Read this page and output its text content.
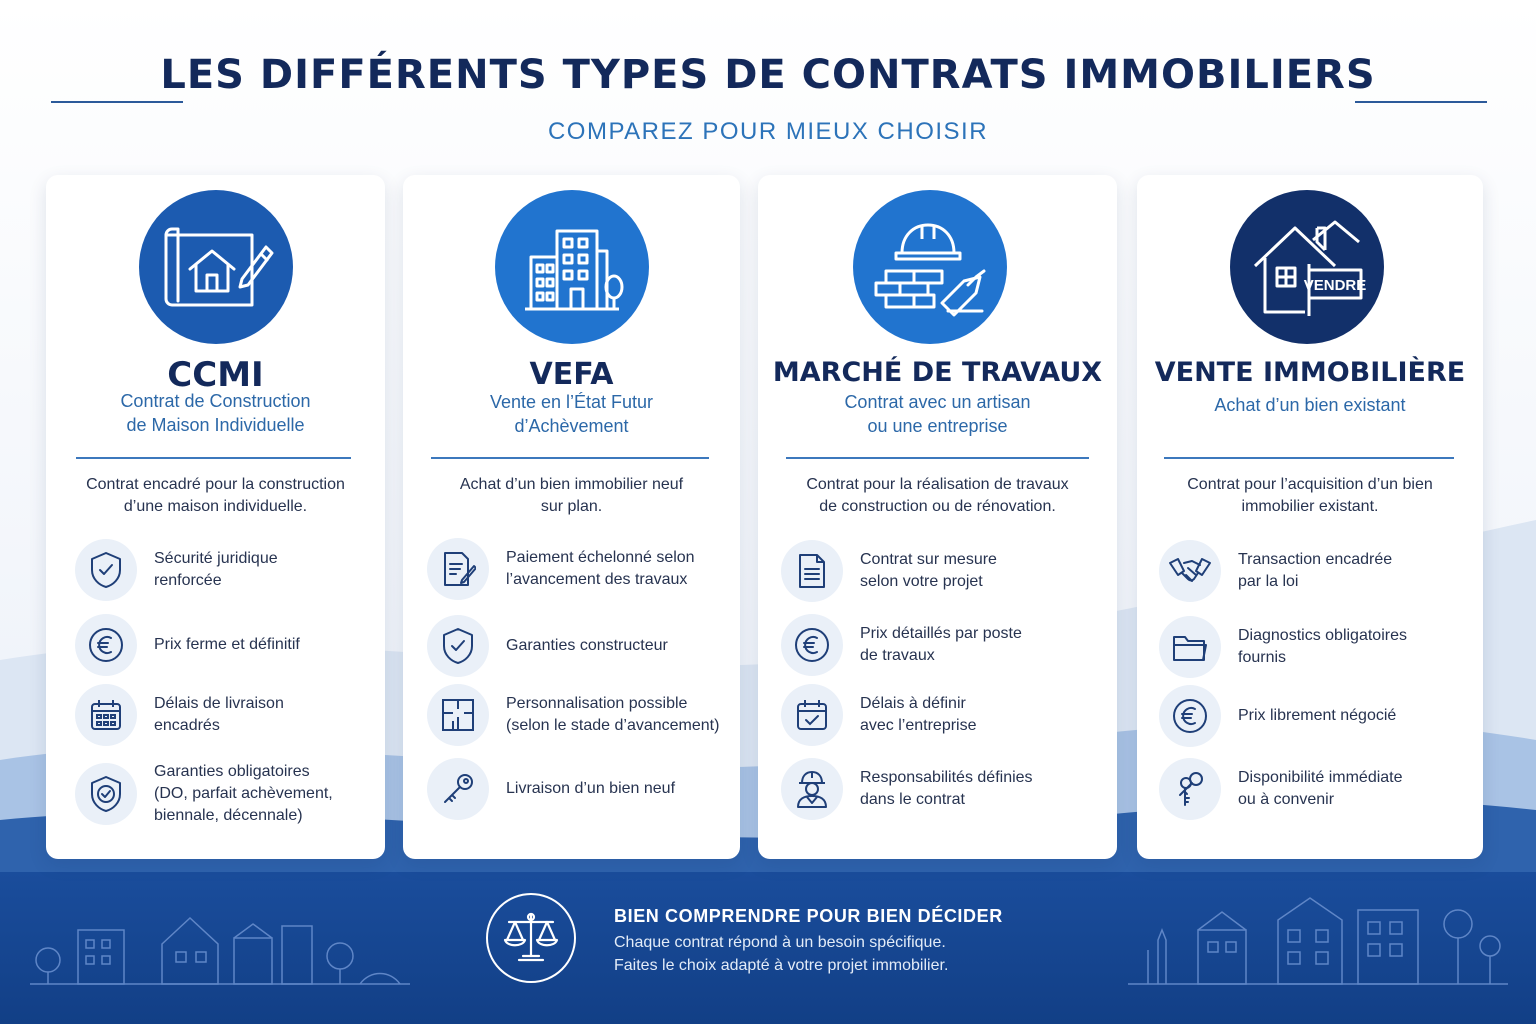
LES DIFFÉRENTS TYPES DE CONTRATS IMMOBILIERS
COMPAREZ POUR MIEUX CHOISIR
CCMI
Contrat de Construction
de Maison Individuelle
Contrat encadré pour la construction
d’une maison individuelle.
Sécurité juridique
renforcée
Prix ferme et définitif
Délais de livraison
encadrés
Garanties obligatoires
(DO, parfait achèvement,
biennale, décennale)
VEFA
Vente en l’État Futur
d’Achèvement
Achat d’un bien immobilier neuf
sur plan.
Paiement échelonné selon
l’avancement des travaux
Garanties constructeur
Personnalisation possible
(selon le stade d’avancement)
Livraison d’un bien neuf
MARCHÉ DE TRAVAUX
Contrat avec un artisan
ou une entreprise
Contrat pour la réalisation de travaux
de construction ou de rénovation.
Contrat sur mesure
selon votre projet
Prix détaillés par poste
de travaux
Délais à définir
avec l’entreprise
Responsabilités définies
dans le contrat
VENDRE
VENTE IMMOBILIÈRE
Achat d’un bien existant
Contrat pour l’acquisition d’un bien
immobilier existant.
Transaction encadrée
par la loi
Diagnostics obligatoires
fournis
Prix librement négocié
Disponibilité immédiate
ou à convenir
BIEN COMPRENDRE POUR BIEN DÉCIDER
Chaque contrat répond à un besoin spécifique.
Faites le choix adapté à votre projet immobilier.
